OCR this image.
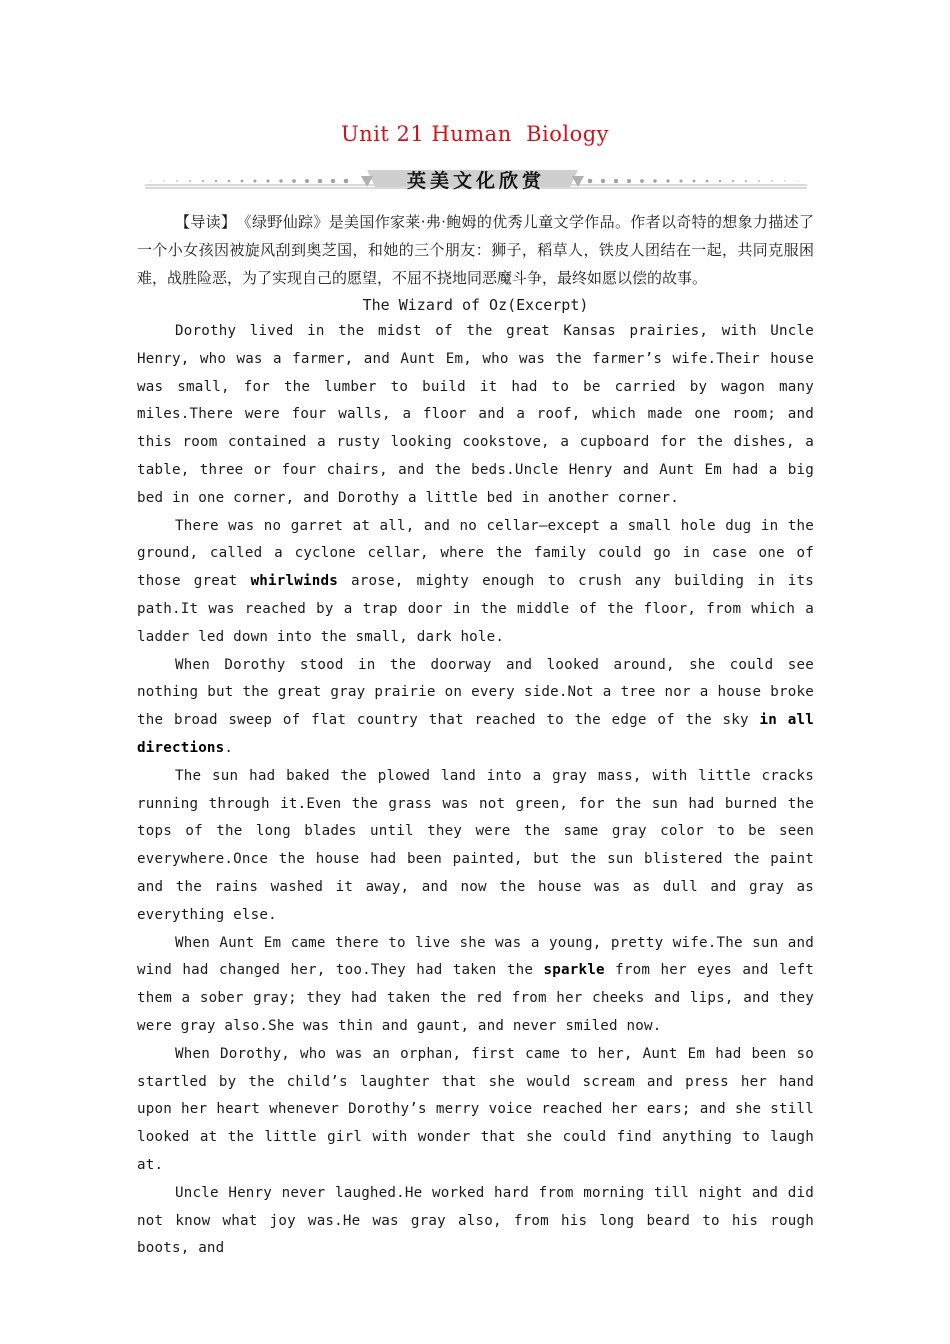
Unit 21 Human  Biology
英美文化欣赏

【导读】　《绿野仙踪》是美国作家莱·弗·鲍姆的优秀儿童文学作品。作者以奇特的想象力描述了一个小女孩因被旋风刮到奥芝国，和她的三个朋友：狮子，稻草人，铁皮人团结在一起，共同克服困难，战胜险恶，为了实现自己的愿望，不屈不挠地同恶魔斗争，最终如愿以偿的故事。

The Wizard of Oz(Excerpt)

Dorothy lived in the midst of the great Kansas prairies, with Uncle Henry, who was a farmer, and Aunt Em, who was the farmer’s wife.Their house was small, for the lumber to build it had to be carried by wagon many miles.There were four walls, a floor and a roof, which made one room; and this room contained a rusty looking cookstove, a cupboard for the dishes, a table, three or four chairs, and the beds.Uncle Henry and Aunt Em had a big bed in one corner, and Dorothy a little bed in another corner.

There was no garret at all, and no cellar—except a small hole dug in the ground, called a cyclone cellar, where the family could go in case one of those great whirlwinds arose, mighty enough to crush any building in its path.It was reached by a trap door in the middle of the floor, from which a ladder led down into the small, dark hole.

When Dorothy stood in the doorway and looked around, she could see nothing but the great gray prairie on every side.Not a tree nor a house broke the broad sweep of flat country that reached to the edge of the sky in all directions.

The sun had baked the plowed land into a gray mass, with little cracks running through it.Even the grass was not green, for the sun had burned the tops of the long blades until they were the same gray color to be seen everywhere.Once the house had been painted, but the sun blistered the paint and the rains washed it away, and now the house was as dull and gray as everything else.

When Aunt Em came there to live she was a young, pretty wife.The sun and wind had changed her, too.They had taken the sparkle from her eyes and left them a sober gray; they had taken the red from her cheeks and lips, and they were gray also.She was thin and gaunt, and never smiled now.

When Dorothy, who was an orphan, first came to her, Aunt Em had been so startled by the child’s laughter that she would scream and press her hand upon her heart whenever Dorothy’s merry voice reached her ears; and she still looked at the little girl with wonder that she could find anything to laugh at.

Uncle Henry never laughed.He worked hard from morning till night and did not know what joy was.He was gray also, from his long beard to his rough boots, and
